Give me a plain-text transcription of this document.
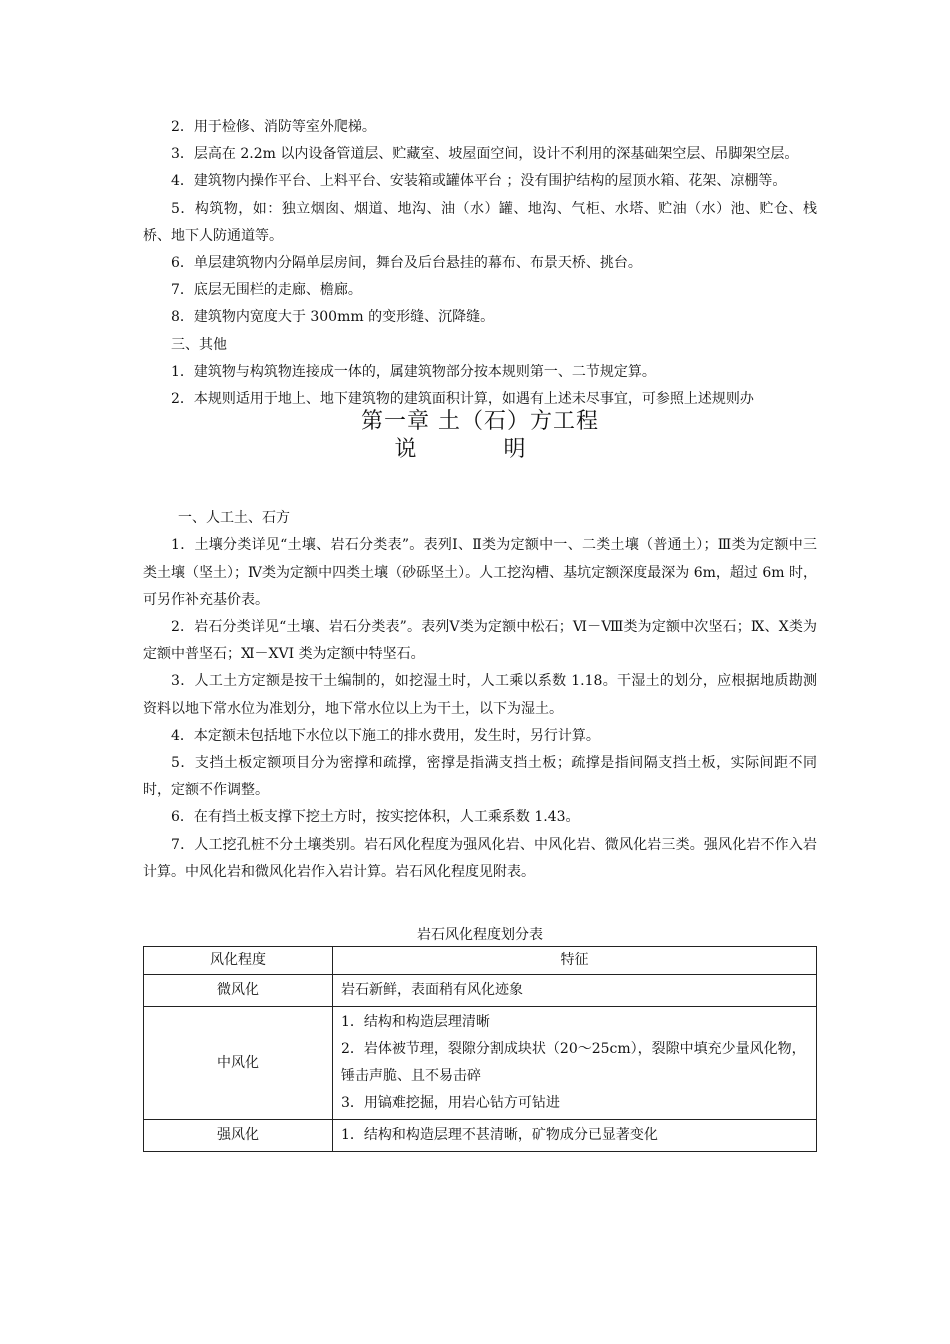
2．用于检修、消防等室外爬梯。

3．层高在 2.2m 以内设备管道层、贮藏室、坡屋面空间，设计不利用的深基础架空层、吊脚架空层。

4．建筑物内操作平台、上料平台、安装箱或罐体平台 ；没有围护结构的屋顶水箱、花架、凉棚等。

5．构筑物，如：独立烟囱、烟道、地沟、油（水）罐、地沟、气柜、水塔、贮油（水）池、贮仓、栈桥、地下人防通道等。

6．单层建筑物内分隔单层房间，舞台及后台悬挂的幕布、布景天桥、挑台。

7．底层无围栏的走廊、檐廊。

8．建筑物内宽度大于 300mm 的变形缝、沉降缝。

三、其他

1．建筑物与构筑物连接成一体的，属建筑物部分按本规则第一、二节规定算。

2．本规则适用于地上、地下建筑物的建筑面积计算，如遇有上述未尽事宜，可参照上述规则办

第一章 土（石）方工程
说 明

一、人工土、石方

1．土壤分类详见“土壤、岩石分类表”。表列Ⅰ、Ⅱ类为定额中一、二类土壤（普通土）；Ⅲ类为定额中三类土壤（坚土）；Ⅳ类为定额中四类土壤（砂砾坚土）。人工挖沟槽、基坑定额深度最深为 6m，超过 6m 时，可另作补充基价表。

2．岩石分类详见“土壤、岩石分类表”。表列Ⅴ类为定额中松石；Ⅵ－Ⅷ类为定额中次坚石；Ⅸ、Ⅹ类为定额中普坚石；Ⅺ－XVI 类为定额中特坚石。

3．人工土方定额是按干土编制的，如挖湿土时，人工乘以系数 1.18。干湿土的划分，应根据地质勘测资料以地下常水位为准划分，地下常水位以上为干土，以下为湿土。

4．本定额未包括地下水位以下施工的排水费用，发生时，另行计算。

5．支挡土板定额项目分为密撑和疏撑，密撑是指满支挡土板；疏撑是指间隔支挡土板，实际间距不同时，定额不作调整。

6．在有挡土板支撑下挖土方时，按实挖体积，人工乘系数 1.43。

7．人工挖孔桩不分土壤类别。岩石风化程度为强风化岩、中风化岩、微风化岩三类。强风化岩不作入岩计算。中风化岩和微风化岩作入岩计算。岩石风化程度见附表。

岩石风化程度划分表

风化程度	特征
微风化	岩石新鲜，表面稍有风化迹象

中风化	1．结构和构造层理清晰
2．岩体被节理，裂隙分割成块状（20～25cm），裂隙中填充少量风化物，锤击声脆、且不易击碎
3．用镐难挖掘，用岩心钻方可钻进

强风化	1．结构和构造层理不甚清晰，矿物成分已显著变化
